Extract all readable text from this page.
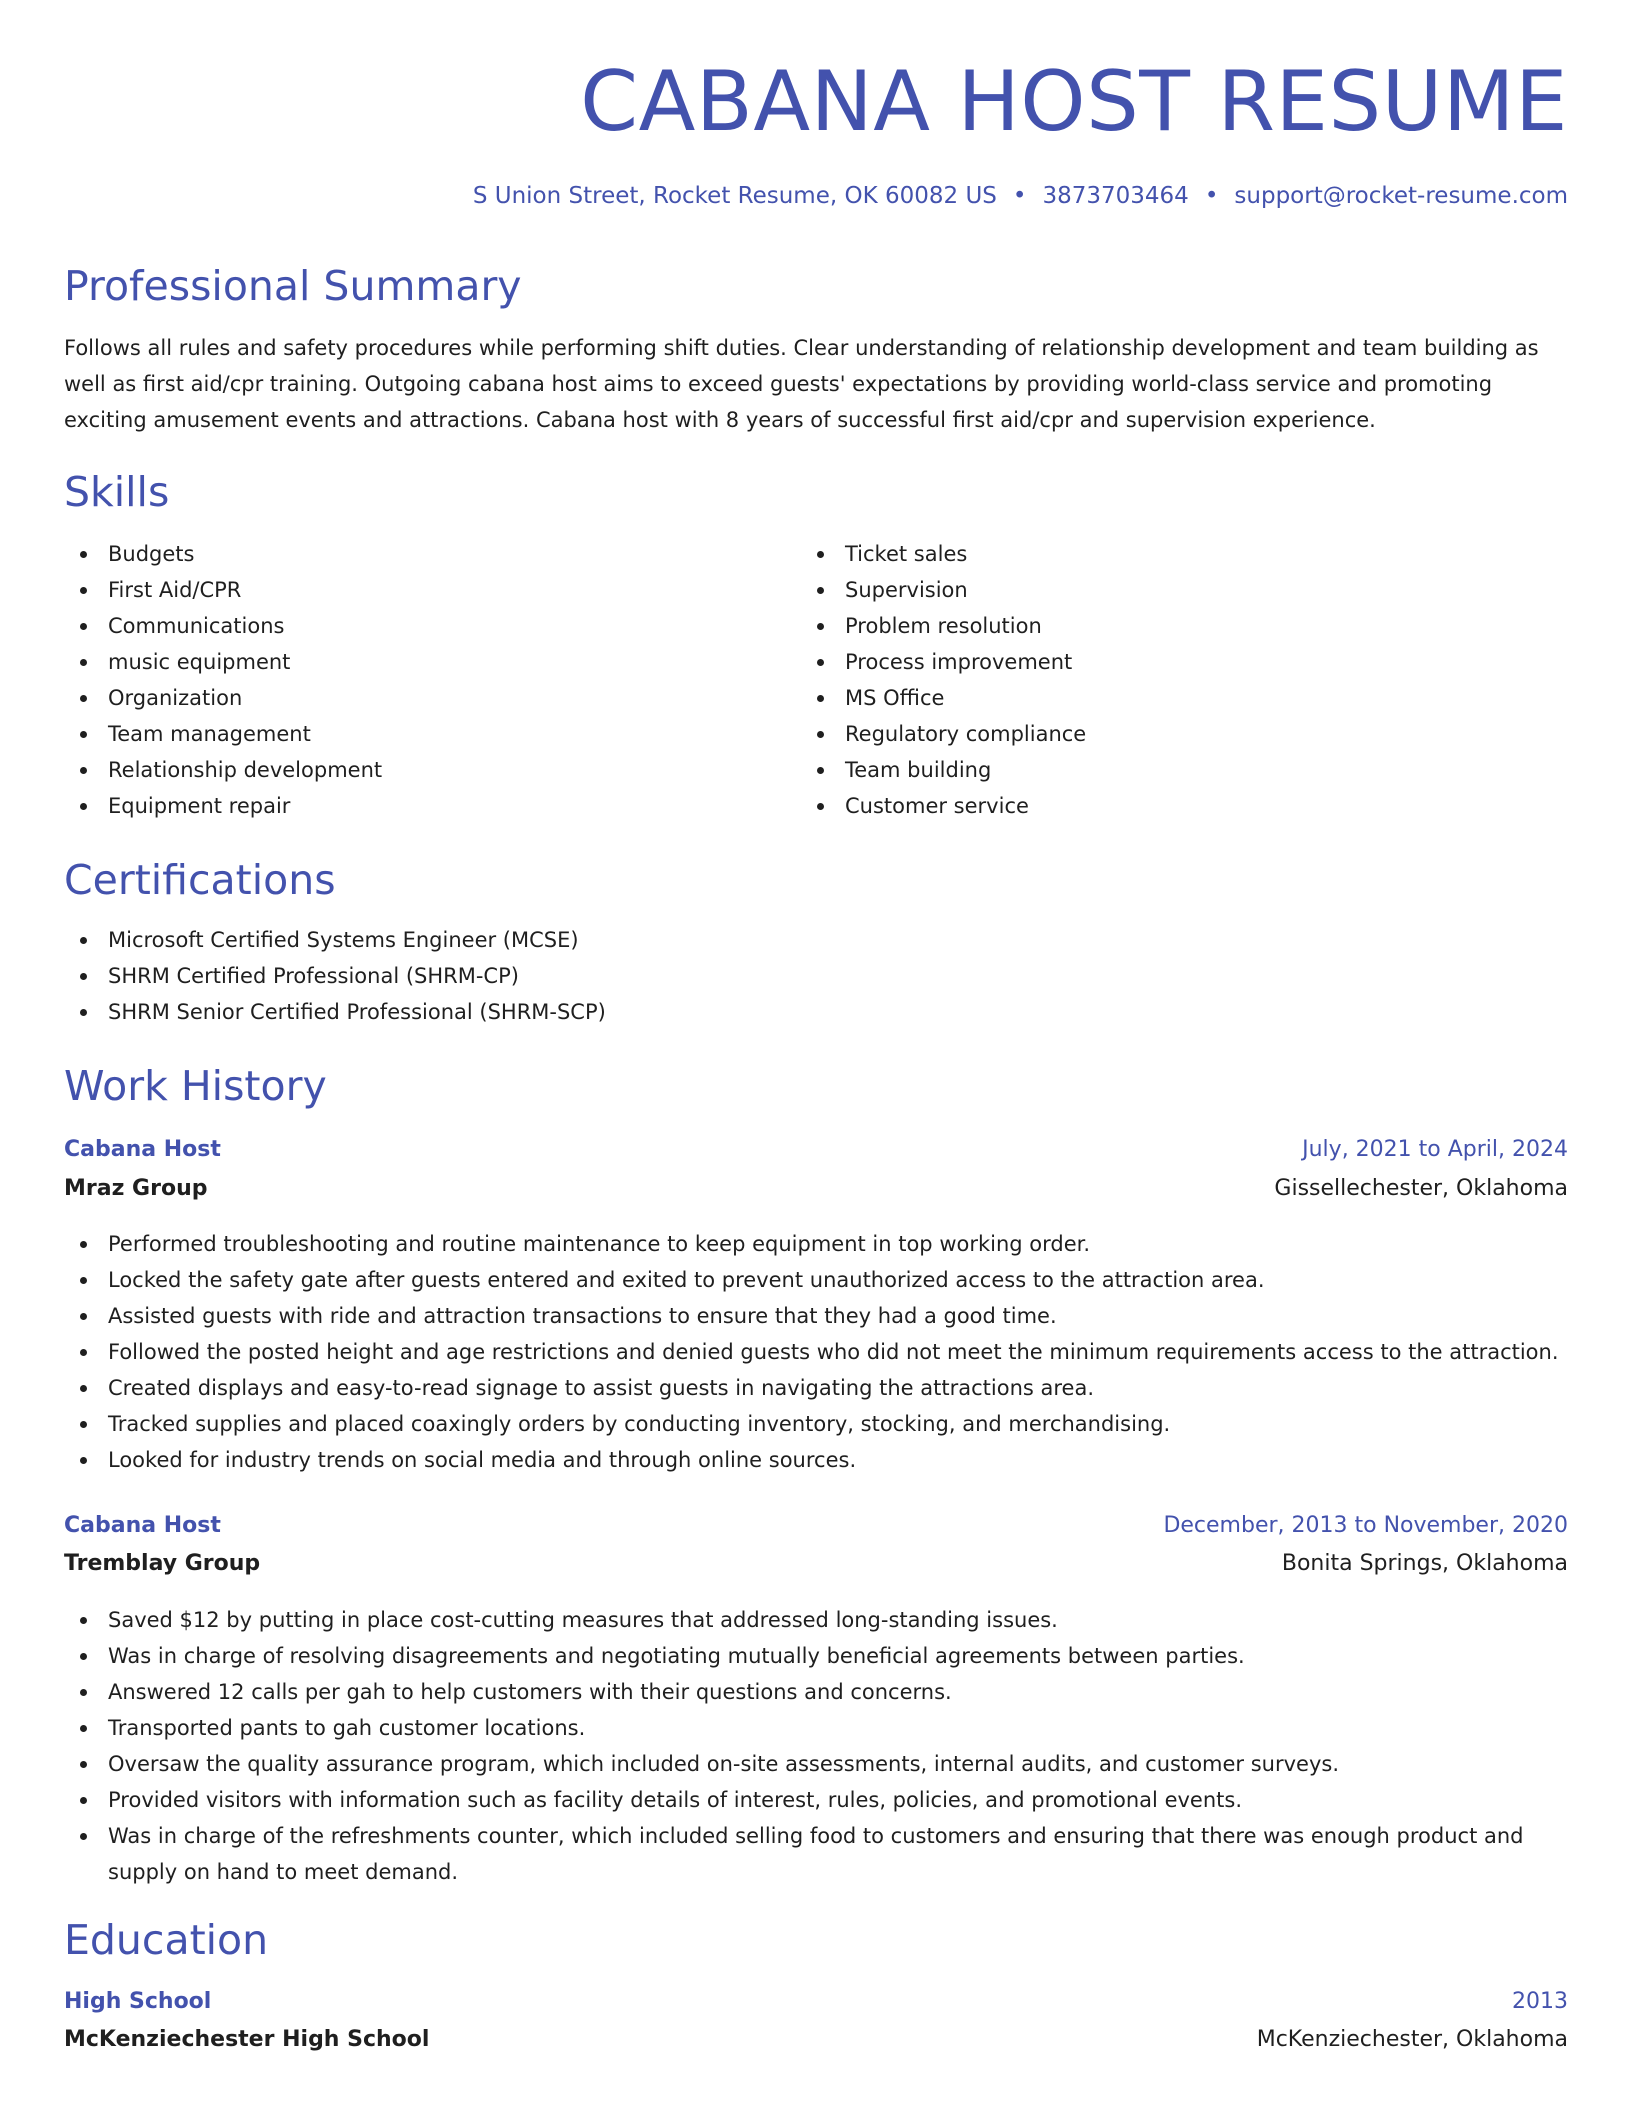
CABANA HOST RESUME
S Union Street, Rocket Resume, OK 60082 US • 3873703464 • support@rocket-resume.com
Professional Summary

Follows all rules and safety procedures while performing shift duties. Clear understanding of relationship development and team building as well as first aid/cpr training. Outgoing cabana host aims to exceed guests' expectations by providing world-class service and promoting exciting amusement events and attractions. Cabana host with 8 years of successful first aid/cpr and supervision experience.

Skills
Budgets
First Aid/CPR
Communications
music equipment
Organization
Team management
Relationship development
Equipment repair
Ticket sales
Supervision
Problem resolution
Process improvement
MS Office
Regulatory compliance
Team building
Customer service
Certifications
Microsoft Certified Systems Engineer (MCSE)
SHRM Certified Professional (SHRM-CP)
SHRM Senior Certified Professional (SHRM-SCP)
Work History
Cabana Host	July, 2021 to April, 2024
Mraz Group	Gissellechester, Oklahoma
Performed troubleshooting and routine maintenance to keep equipment in top working order.
Locked the safety gate after guests entered and exited to prevent unauthorized access to the attraction area.
Assisted guests with ride and attraction transactions to ensure that they had a good time.
Followed the posted height and age restrictions and denied guests who did not meet the minimum requirements access to the attraction.
Created displays and easy-to-read signage to assist guests in navigating the attractions area.
Tracked supplies and placed coaxingly orders by conducting inventory, stocking, and merchandising.
Looked for industry trends on social media and through online sources.
Cabana Host	December, 2013 to November, 2020
Tremblay Group	Bonita Springs, Oklahoma
Saved $12 by putting in place cost-cutting measures that addressed long-standing issues.
Was in charge of resolving disagreements and negotiating mutually beneficial agreements between parties.
Answered 12 calls per gah to help customers with their questions and concerns.
Transported pants to gah customer locations.
Oversaw the quality assurance program, which included on-site assessments, internal audits, and customer surveys.
Provided visitors with information such as facility details of interest, rules, policies, and promotional events.
Was in charge of the refreshments counter, which included selling food to customers and ensuring that there was enough product and supply on hand to meet demand.
Education
High School	2013
McKenziechester High School	McKenziechester, Oklahoma
